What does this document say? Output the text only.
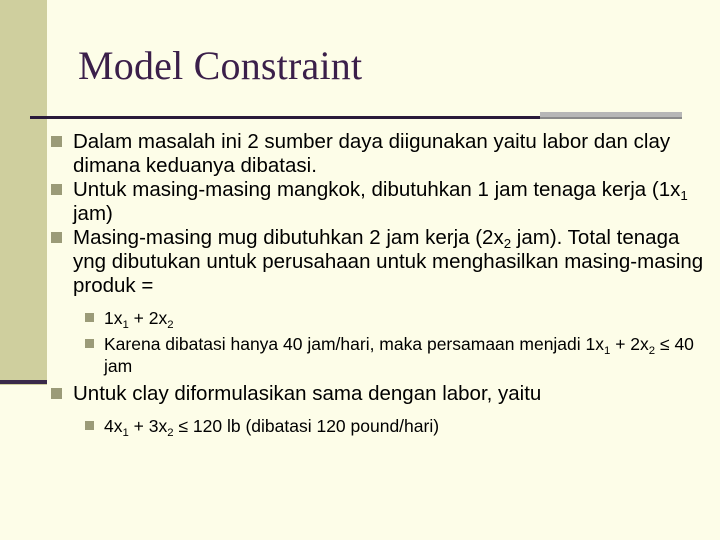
Model Constraint
Dalam masalah ini 2 sumber daya diigunakan yaitu labor dan clay dimana keduanya dibatasi.
Untuk masing-masing mangkok, dibutuhkan 1 jam tenaga kerja ($1x_1$ jam)
Masing-masing mug dibutuhkan 2 jam kerja ($2x_2$ jam). Total tenaga yng dibutukan untuk perusahaan untuk menghasilkan masing-masing produk =
$1x_1 + 2x_2$
Karena dibatasi hanya 40 jam/hari, maka persamaan menjadi $1x_1 + 2x_2 \le 40$ jam
Untuk clay diformulasikan sama dengan labor, yaitu
$4x_1 + 3x_2 \le 120$ lb (dibatasi 120 pound/hari)
